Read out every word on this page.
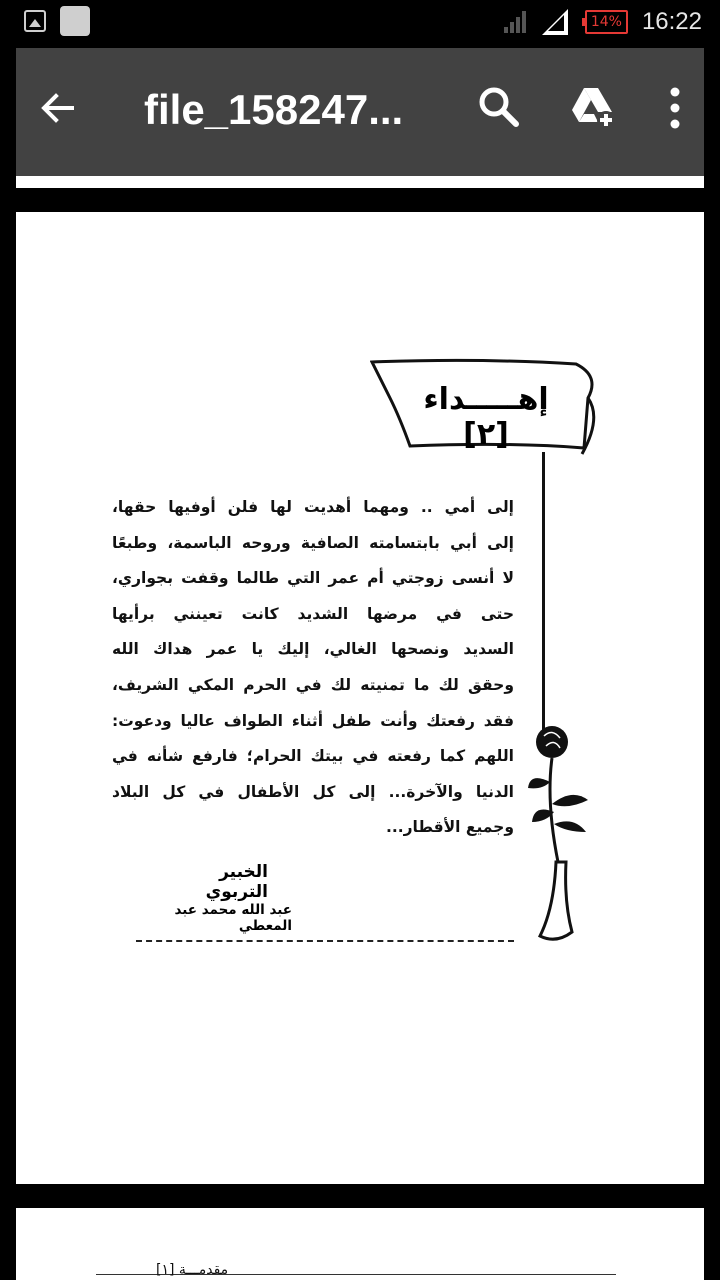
14% 16:22
file_158247...
إهـــــداء [٢]
إلى أمي .. ومهما أهديت لها فلن أوفيها حقها،
إلى أبي بابتسامته الصافية وروحه الباسمة، وطبعًا
لا أنسى زوجتي أم عمر التي طالما وقفت بجواري،
حتى في مرضها الشديد كانت تعينني برأيها
السديد ونصحها الغالي، إليك يا عمر هداك الله
وحقق لك ما تمنيته لك في الحرم المكي الشريف،
فقد رفعتك وأنت طفل أثناء الطواف عاليا ودعوت:
اللهم كما رفعته في بيتك الحرام؛ فارفع شأنه في
الدنيا والآخرة... إلى كل الأطفال في كل البلاد
وجميع الأقطار...
الخبير التربوي
عبد الله محمد عبد المعطي
مقدمـــة [١]
